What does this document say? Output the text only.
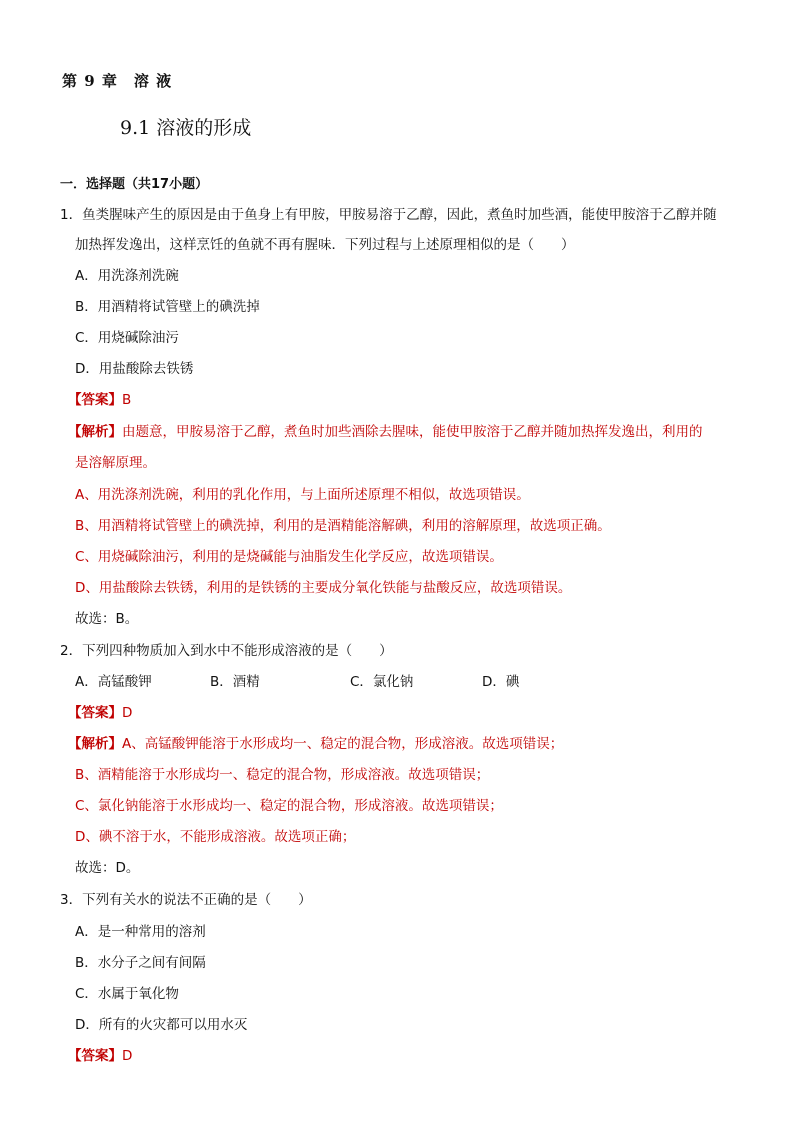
第 9 章　溶 液
9.1 溶液的形成
一．选择题（共17小题）
1．鱼类腥味产生的原因是由于鱼身上有甲胺，甲胺易溶于乙醇，因此，煮鱼时加些酒，能使甲胺溶于乙醇并随
加热挥发逸出，这样烹饪的鱼就不再有腥味．下列过程与上述原理相似的是（　　）
A．用洗涤剂洗碗
B．用酒精将试管壁上的碘洗掉
C．用烧碱除油污
D．用盐酸除去铁锈
【答案】B
【解析】由题意，甲胺易溶于乙醇，煮鱼时加些酒除去腥味，能使甲胺溶于乙醇并随加热挥发逸出，利用的
是溶解原理。
A、用洗涤剂洗碗，利用的乳化作用，与上面所述原理不相似，故选项错误。
B、用酒精将试管壁上的碘洗掉，利用的是酒精能溶解碘，利用的溶解原理，故选项正确。
C、用烧碱除油污，利用的是烧碱能与油脂发生化学反应，故选项错误。
D、用盐酸除去铁锈，利用的是铁锈的主要成分氧化铁能与盐酸反应，故选项错误。
故选：B。
2．下列四种物质加入到水中不能形成溶液的是（　　）
A．高锰酸钾	B．酒精	C．氯化钠	D．碘
【答案】D
【解析】A、高锰酸钾能溶于水形成均一、稳定的混合物，形成溶液。故选项错误；
B、酒精能溶于水形成均一、稳定的混合物，形成溶液。故选项错误；
C、氯化钠能溶于水形成均一、稳定的混合物，形成溶液。故选项错误；
D、碘不溶于水，不能形成溶液。故选项正确；
故选：D。
3．下列有关水的说法不正确的是（　　）
A．是一种常用的溶剂
B．水分子之间有间隔
C．水属于氧化物
D．所有的火灾都可以用水灭
【答案】D
